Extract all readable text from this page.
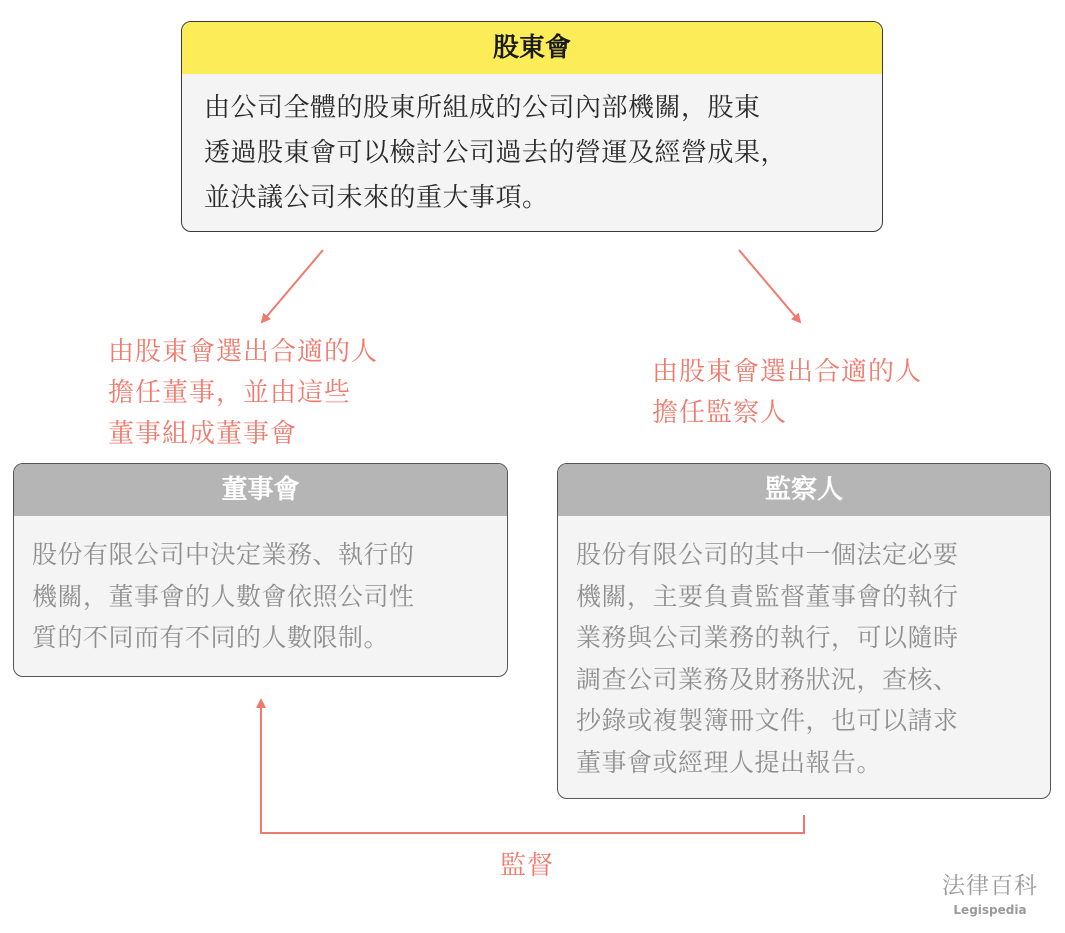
股東會
由公司全體的股東所組成的公司內部機關，股東
透過股東會可以檢討公司過去的營運及經營成果，
並決議公司未來的重大事項。
由股東會選出合適的人
擔任董事，並由這些
董事組成董事會
由股東會選出合適的人
擔任監察人
董事會
股份有限公司中決定業務、執行的
機關，董事會的人數會依照公司性
質的不同而有不同的人數限制。
監察人
股份有限公司的其中一個法定必要
機關，主要負責監督董事會的執行
業務與公司業務的執行，可以隨時
調查公司業務及財務狀況，查核、
抄錄或複製簿冊文件，也可以請求
董事會或經理人提出報告。
監督
法律百科
Legispedia
